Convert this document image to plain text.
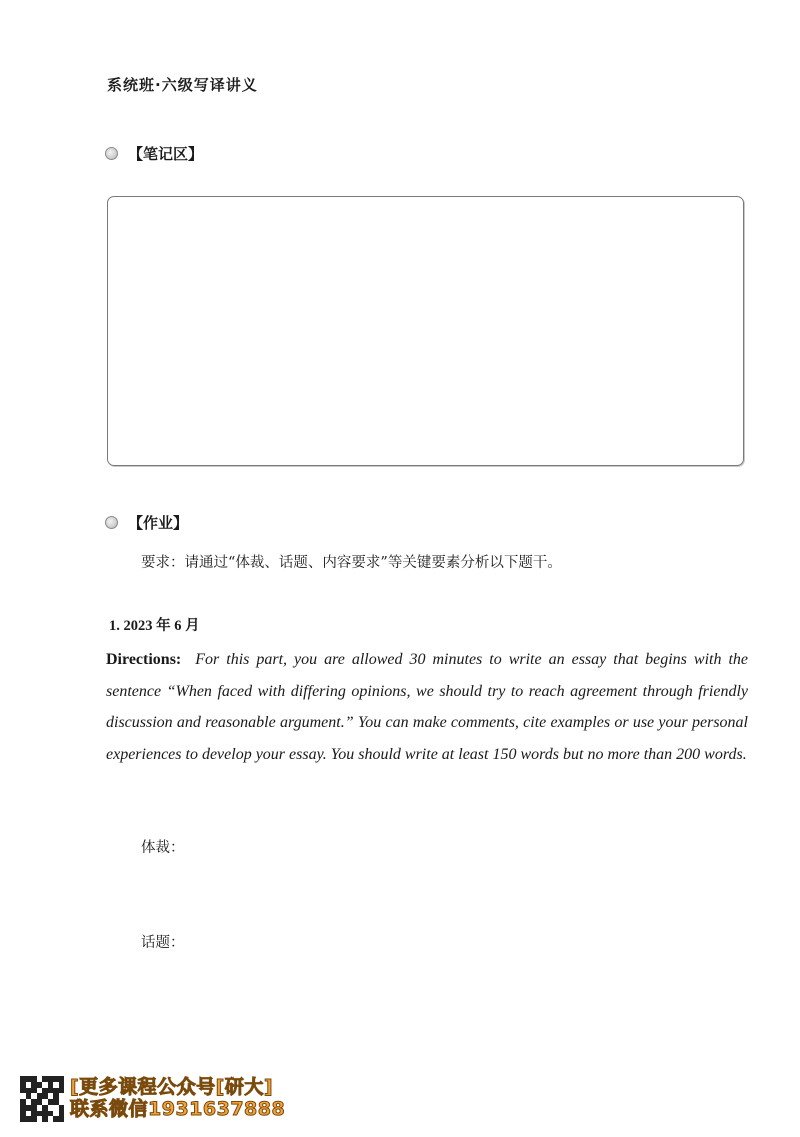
系统班·六级写译讲义
【笔记区】
【作业】
要求：请通过“体裁、话题、内容要求”等关键要素分析以下题干。
1. 2023 年 6 月
Directions: For this part, you are allowed 30 minutes to write an essay that begins with the sentence “When faced with differing opinions, we should try to reach agreement through friendly discussion and reasonable argument.” You can make comments, cite examples or use your personal experiences to develop your essay. You should write at least 150 words but no more than 200 words.
体裁：
话题：
[更多课程公众号[研大]
联系微信1931637888
